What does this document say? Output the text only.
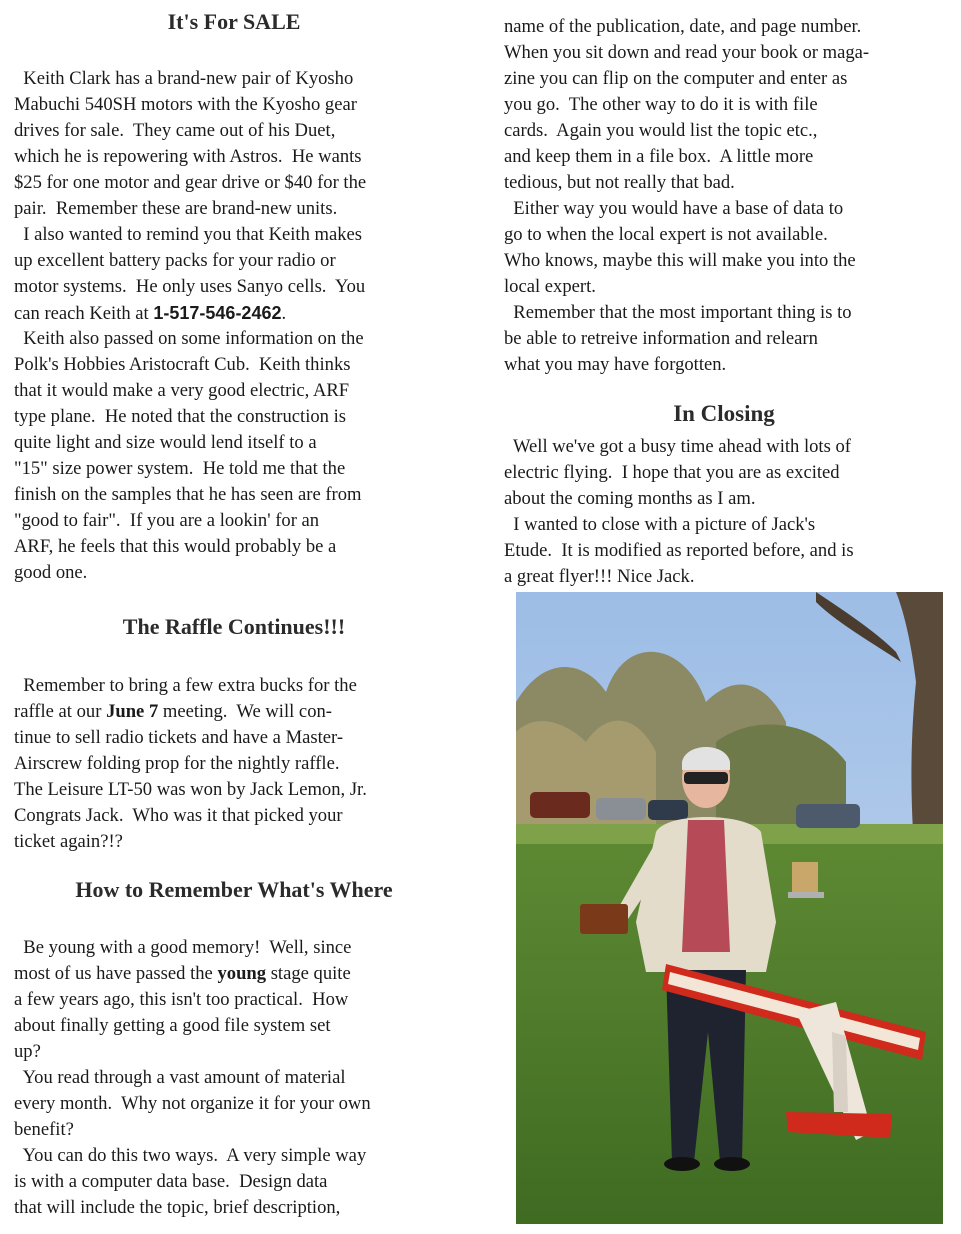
It's For SALE
Keith Clark has a brand-new pair of Kyosho
Mabuchi 540SH motors with the Kyosho gear
drives for sale.  They came out of his Duet,
which he is repowering with Astros.  He wants
$25 for one motor and gear drive or $40 for the
pair.  Remember these are brand-new units.
I also wanted to remind you that Keith makes
up excellent battery packs for your radio or
motor systems.  He only uses Sanyo cells.  You
can reach Keith at 1-517-546-2462.
Keith also passed on some information on the
Polk's Hobbies Aristocraft Cub.  Keith thinks
that it would make a very good electric, ARF
type plane.  He noted that the construction is
quite light and size would lend itself to a
"15" size power system.  He told me that the
finish on the samples that he has seen are from
"good to fair".  If you are a lookin' for an
ARF, he feels that this would probably be a
good one.
The Raffle Continues!!!
Remember to bring a few extra bucks for the
raffle at our June 7 meeting.  We will con-
tinue to sell radio tickets and have a Master-
Airscrew folding prop for the nightly raffle.
The Leisure LT-50 was won by Jack Lemon, Jr.
Congrats Jack.  Who was it that picked your
ticket again?!?
How to Remember What's Where
Be young with a good memory!  Well, since
most of us have passed the young stage quite
a few years ago, this isn't too practical.  How
about finally getting a good file system set
up?
You read through a vast amount of material
every month.  Why not organize it for your own
benefit?
You can do this two ways.  A very simple way
is with a computer data base.  Design data
that will include the topic, brief description,
name of the publication, date, and page number.
When you sit down and read your book or maga-
zine you can flip on the computer and enter as
you go.  The other way to do it is with file
cards.  Again you would list the topic etc.,
and keep them in a file box.  A little more
tedious, but not really that bad.
Either way you would have a base of data to
go to when the local expert is not available.
Who knows, maybe this will make you into the
local expert.
Remember that the most important thing is to
be able to retreive information and relearn
what you may have forgotten.
In Closing
Well we've got a busy time ahead with lots of
electric flying.  I hope that you are as excited
about the coming months as I am.
I wanted to close with a picture of Jack's
Etude.  It is modified as reported before, and is
a great flyer!!! Nice Jack.
